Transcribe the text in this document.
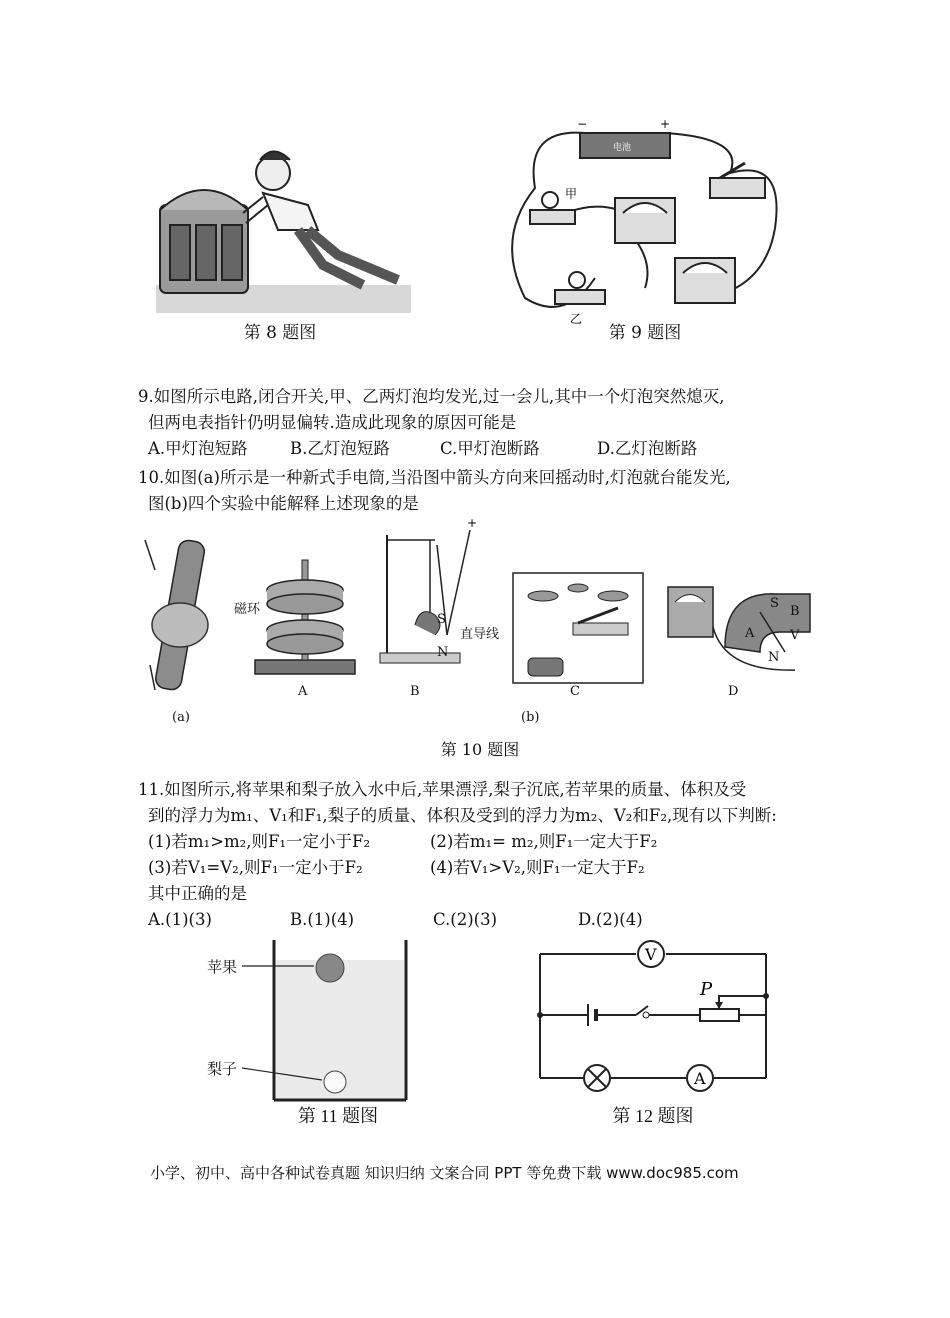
第 8 题图
电池
−	+
甲
乙
第 9 题图
9.如图所示电路,闭合开关,甲、乙两灯泡均发光,过一会儿,其中一个灯泡突然熄灭,
但两电表指针仍明显偏转.造成此现象的原因可能是
A.甲灯泡短路	B.乙灯泡短路	C.甲灯泡断路	D.乙灯泡断路
10.如图(a)所示是一种新式手电筒,当沿图中箭头方向来回摇动时,灯泡就台能发光,
图(b)四个实验中能解释上述现象的是
(a)
磁环
A
+
S
N
直导线
B
(b)
C
B
S
A	V
N
D
第 10 题图
11.如图所示,将苹果和梨子放入水中后,苹果漂浮,梨子沉底,若苹果的质量、体积及受
到的浮力为m₁、V₁和F₁,梨子的质量、体积及受到的浮力为m₂、V₂和F₂,现有以下判断:
(1)若m₁>m₂,则F₁一定小于F₂	(2)若m₁= m₂,则F₁一定大于F₂
(3)若V₁=V₂,则F₁一定小于F₂	(4)若V₁>V₂,则F₁一定大于F₂
其中正确的是
A.(1)(3)	B.(1)(4)	C.(2)(3)	D.(2)(4)
苹果
梨子
第 11 题图
V
A
P
第 12 题图
小学、初中、高中各种试卷真题 知识归纳 文案合同 PPT 等免费下载 www.doc985.com
